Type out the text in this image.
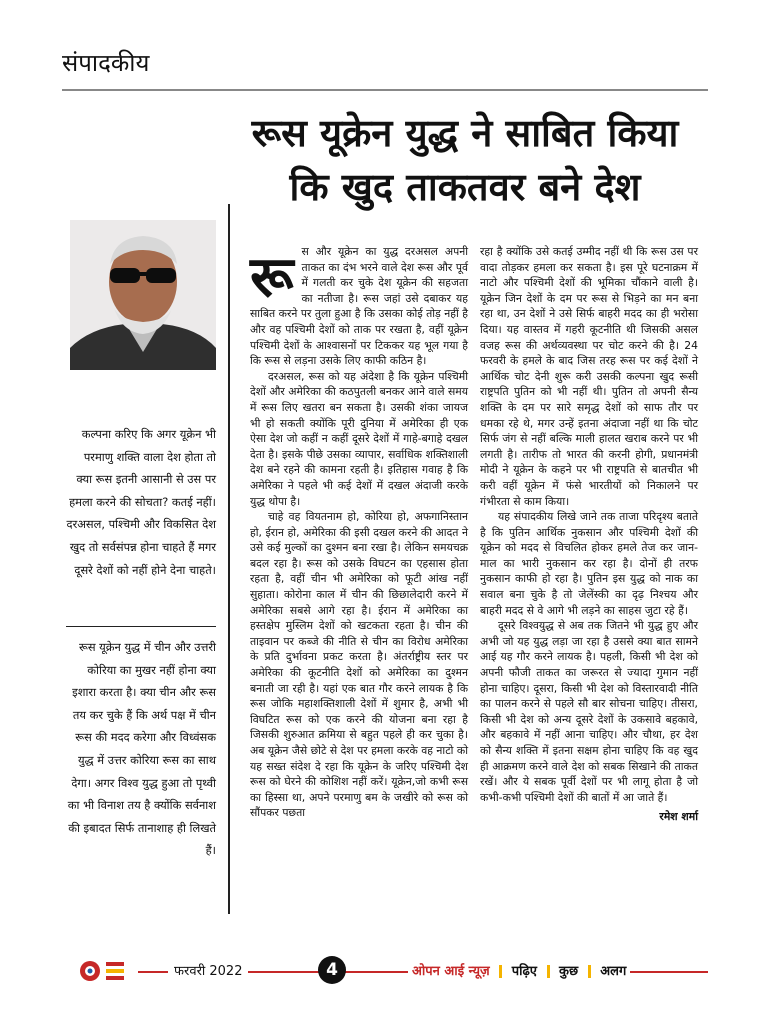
संपादकीय
रूस यूक्रेन युद्ध ने साबित किया
कि खुद ताकतवर बने देश
कल्पना करिए कि अगर यूक्रेन भी परमाणु शक्ति वाला देश होता तो क्या रूस इतनी आसानी से उस पर हमला करने की सोचता? कतई नहीं। दरअसल, पश्चिमी और विकसित देश खुद तो सर्वसंपन्न होना चाहते हैं मगर दूसरे देशों को नहीं होने देना चाहते।
रूस यूक्रेन युद्ध में चीन और उत्तरी कोरिया का मुखर नहीं होना क्या इशारा करता है। क्या चीन और रूस तय कर चुके हैं कि अर्थ पक्ष में चीन रूस की मदद करेगा और विध्वंसक युद्ध में उत्तर कोरिया रूस का साथ देगा। अगर विश्व युद्ध हुआ तो पृथ्वी का भी विनाश तय है क्योंकि सर्वनाश की इबादत सिर्फ तानाशाह ही लिखते हैं।

रूस और यूक्रेन का युद्ध दरअसल अपनी ताकत का दंभ भरने वाले देश रूस और पूर्व में गलती कर चुके देश यूक्रेन की सहजता का नतीजा है। रूस जहां उसे दबाकर यह साबित करने पर तुला हुआ है कि उसका कोई तोड़ नहीं है और वह पश्चिमी देशों को ताक पर रखता है, वहीं यूक्रेन पश्चिमी देशों के आश्वासनों पर टिककर यह भूल गया है कि रूस से लड़ना उसके लिए काफी कठिन है।

दरअसल, रूस को यह अंदेशा है कि यूक्रेन पश्चिमी देशों और अमेरिका की कठपुतली बनकर आने वाले समय में रूस लिए खतरा बन सकता है। उसकी शंका जायज भी हो सकती क्योंकि पूरी दुनिया में अमेरिका ही एक ऐसा देश जो कहीं न कहीं दूसरे देशों में गाहे-बगाहे दखल देता है। इसके पीछे उसका व्यापार, सर्वाधिक शक्तिशाली देश बने रहने की कामना रहती है। इतिहास गवाह है कि अमेरिका ने पहले भी कई देशों में दखल अंदाजी करके युद्ध थोपा है।

चाहे वह वियतनाम हो, कोरिया हो, अफगानिस्तान हो, ईरान हो, अमेरिका की इसी दखल करने की आदत ने उसे कई मुल्कों का दुश्मन बना रखा है। लेकिन समयचक्र बदल रहा है। रूस को उसके विघटन का एहसास होता रहता है, वहीं चीन भी अमेरिका को फूटी आंख नहीं सुहाता। कोरोना काल में चीन की छिछालेदारी करने में अमेरिका सबसे आगे रहा है। ईरान में अमेरिका का हस्तक्षेप मुस्लिम देशों को खटकता रहता है। चीन की ताइवान पर कब्जे की नीति से चीन का विरोध अमेरिका के प्रति दुर्भावना प्रकट करता है। अंतर्राष्ट्रीय स्तर पर अमेरिका की कूटनीति देशों को अमेरिका का दुश्मन बनाती जा रही है। यहां एक बात गौर करने लायक है कि रूस जोकि महाशक्तिशाली देशों में शुमार है, अभी भी विघटित रूस को एक करने की योजना बना रहा है जिसकी शुरुआत क्रमिया से बहुत पहले ही कर चुका है। अब यूक्रेन जैसे छोटे से देश पर हमला करके वह नाटो को यह सख्त संदेश दे रहा कि यूक्रेन के जरिए पश्चिमी देश रूस को घेरने की कोशिश नहीं करें। यूक्रेन,जो कभी रूस का हिस्सा था, अपने परमाणु बम के जखीरे को रूस को सौंपकर पछता

रहा है क्योंकि उसे कतई उम्मीद नहीं थी कि रूस उस पर वादा तोड़कर हमला कर सकता है। इस पूरे घटनाक्रम में नाटो और पश्चिमी देशों की भूमिका चौंकाने वाली है। यूक्रेन जिन देशों के दम पर रूस से भिड़ने का मन बना रहा था, उन देशों ने उसे सिर्फ बाहरी मदद का ही भरोसा दिया। यह वास्तव में गहरी कूटनीति थी जिसकी असल वजह रूस की अर्थव्यवस्था पर चोट करने की है। 24 फरवरी के हमले के बाद जिस तरह रूस पर कई देशों ने आर्थिक चोट देनी शुरू करी उसकी कल्पना खुद रूसी राष्ट्रपति पुतिन को भी नहीं थी। पुतिन तो अपनी सैन्य शक्ति के दम पर सारे समृद्ध देशों को साफ तौर पर धमका रहे थे, मगर उन्हें इतना अंदाजा नहीं था कि चोट सिर्फ जंग से नहीं बल्कि माली हालत खराब करने पर भी लगती है। तारीफ तो भारत की करनी होगी, प्रधानमंत्री मोदी ने यूक्रेन के कहने पर भी राष्ट्रपति से बातचीत भी करी वहीं यूक्रेन में फंसे भारतीयों को निकालने पर गंभीरता से काम किया।

यह संपादकीय लिखे जाने तक ताजा परिदृश्य बताते है कि पुतिन आर्थिक नुकसान और पश्चिमी देशों की यूक्रेन को मदद से विचलित होकर हमले तेज कर जान-माल का भारी नुकसान कर रहा है। दोनों ही तरफ नुकसान काफी हो रहा है। पुतिन इस युद्ध को नाक का सवाल बना चुके है तो जेलेंस्की का दृढ़ निश्चय और बाहरी मदद से वे आगे भी लड़ने का साहस जुटा रहे हैं।

दूसरे विश्वयुद्ध से अब तक जितने भी युद्ध हुए और अभी जो यह युद्ध लड़ा जा रहा है उससे क्या बात सामने आई यह गौर करने लायक है। पहली, किसी भी देश को अपनी फौजी ताकत का जरूरत से ज्यादा गुमान नहीं होना चाहिए। दूसरा, किसी भी देश को विस्तारवादी नीति का पालन करने से पहले सौ बार सोचना चाहिए। तीसरा, किसी भी देश को अन्य दूसरे देशों के उकसावे बहकावे, और बहकावे में नहीं आना चाहिए। और चौथा, हर देश को सैन्य शक्ति में इतना सक्षम होना चाहिए कि वह खुद ही आक्रमण करने वाले देश को सबक सिखाने की ताकत रखें। और ये सबक पूर्वी देशों पर भी लागू होता है जो कभी-कभी पश्चिमी देशों की बातों में आ जाते हैं।

रमेश शर्मा
फरवरी 2022	4	ओपन आई न्यूज़ पढ़िए कुछ अलग
